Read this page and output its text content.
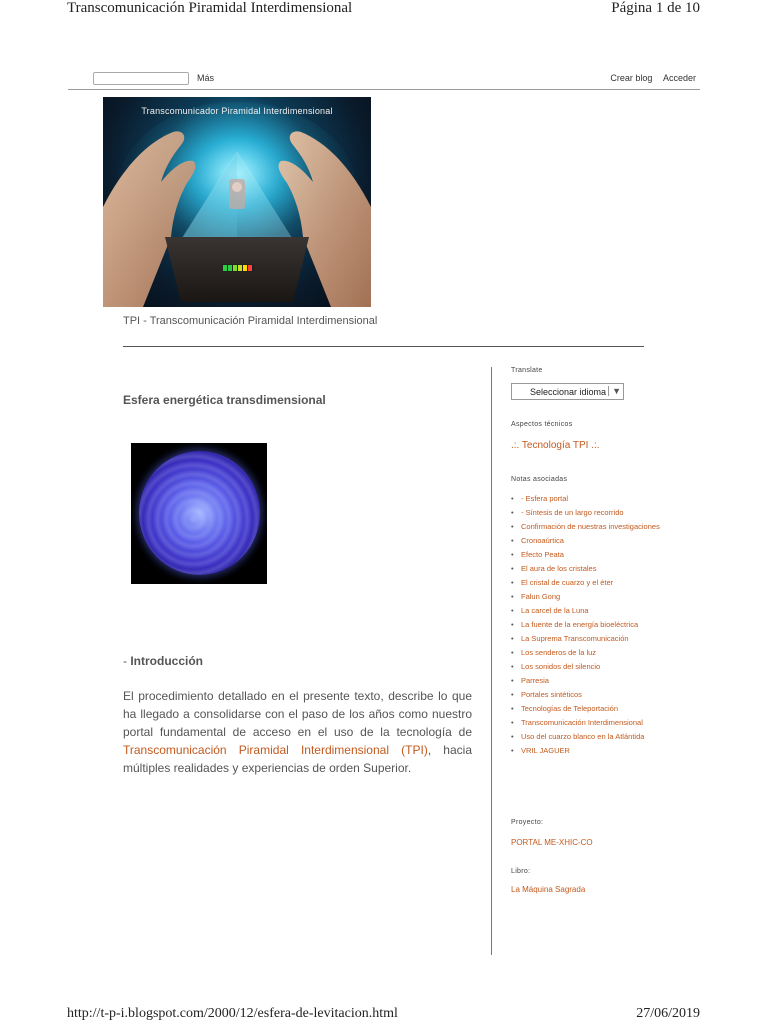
Transcomunicación Piramidal Interdimensional	Página 1 de 10
Más	Crear blog Acceder
Transcomunicador Piramidal Interdimensional
TPI - Transcomunicación Piramidal Interdimensional
Esfera energética transdimensional
- Introducción

El procedimiento detallado en el presente texto, describe lo que ha llegado a consolidarse con el paso de los años como nuestro portal fundamental de acceso en el uso de la tecnología de Transcomunicación Piramidal Interdimensional (TPI), hacia múltiples realidades y experiencias de orden Superior.

Translate
Seleccionar idioma ▼
Aspectos técnicos
.:. Tecnología TPI .:.
Notas asociadas
• - Esfera portal
• - Síntesis de un largo recorrido
• Confirmación de nuestras investigaciones
• Cronoaúrtica
• Efecto Peata
• El aura de los cristales
• El cristal de cuarzo y el éter
• Falun Gong
• La carcel de la Luna
• La fuente de la energía bioeléctrica
• La Suprema Transcomunicación
• Los senderos de la luz
• Los sonidos del silencio
• Parresia
• Portales sintéticos
• Tecnologías de Teleportación
• Transcomunicación Interdimensional
• Uso del cuarzo blanco en la Atlántida
• VRIL JAGUER
Proyecto:
PORTAL ME-XHIC-CO
Libro:
La Máquina Sagrada
http://t-p-i.blogspot.com/2000/12/esfera-de-levitacion.html	27/06/2019
